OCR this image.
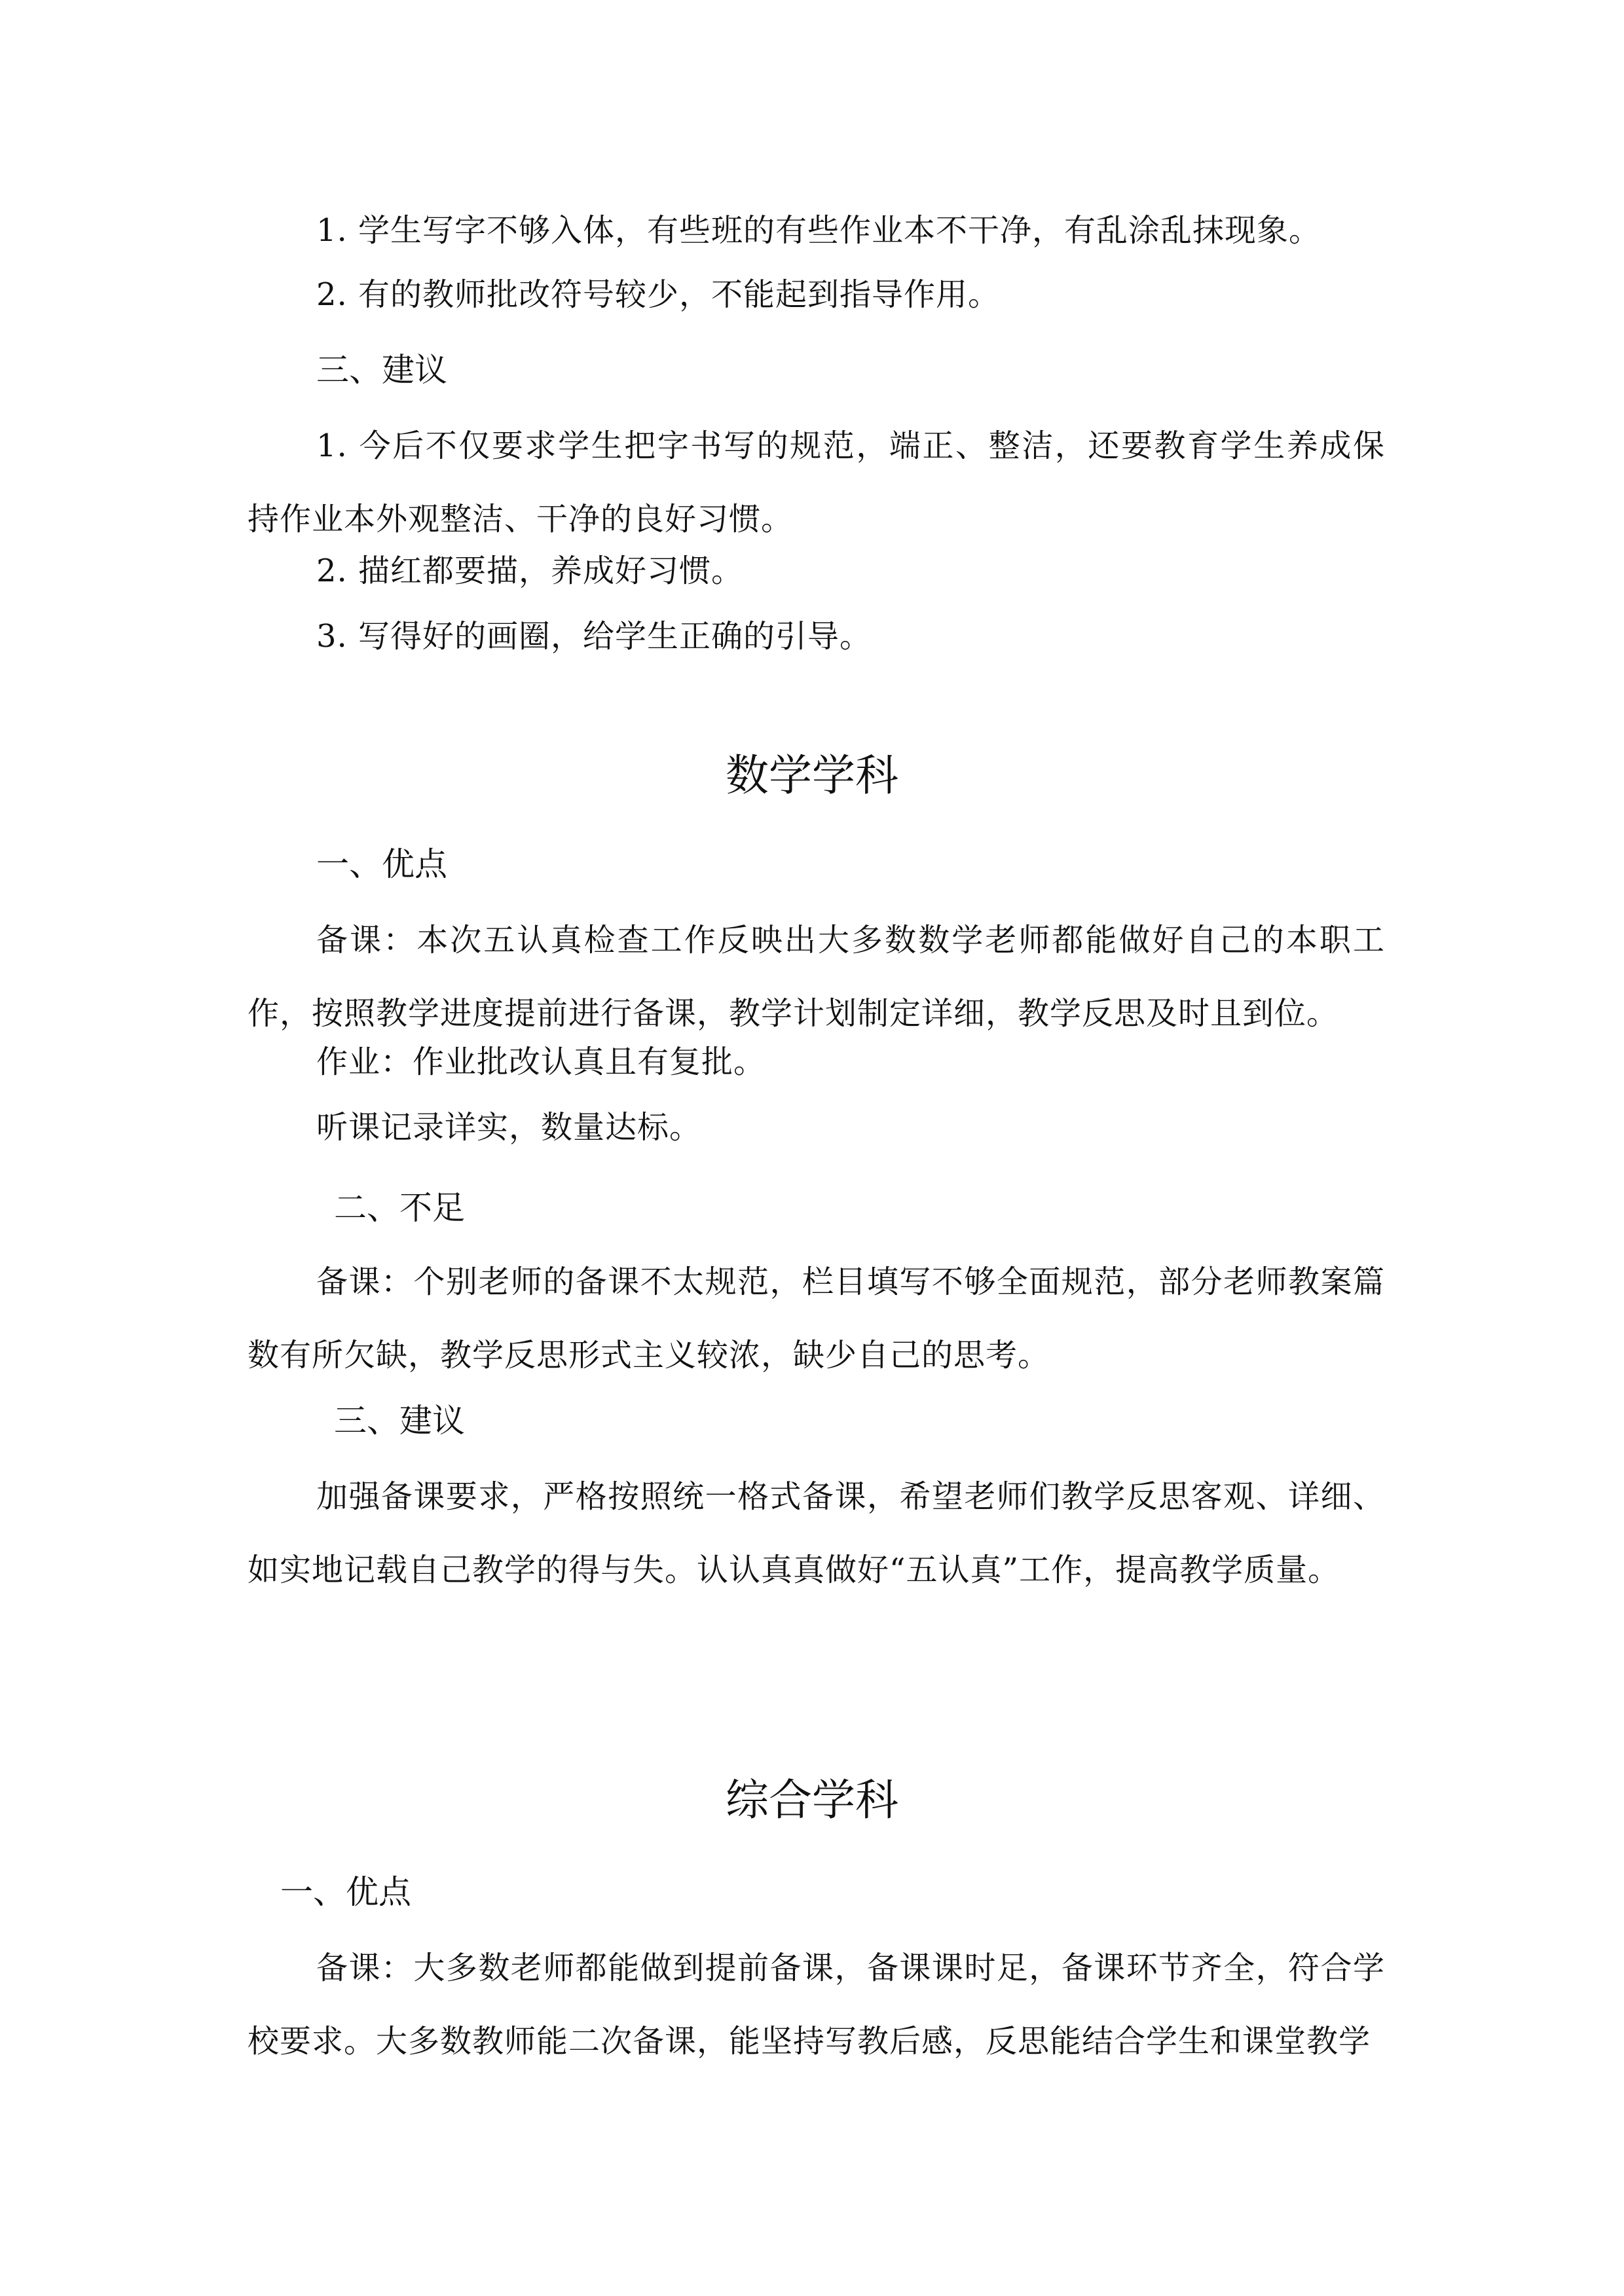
1. 学生写字不够入体，有些班的有些作业本不干净，有乱涂乱抹现象。
2. 有的教师批改符号较少，不能起到指导作用。
三、建议
1. 今后不仅要求学生把字书写的规范，端正、整洁，还要教育学生养成保持作业本外观整洁、干净的良好习惯。
2. 描红都要描，养成好习惯。
3. 写得好的画圈，给学生正确的引导。
数学学科
一、优点
备课：本次五认真检查工作反映出大多数数学老师都能做好自己的本职工作，按照教学进度提前进行备课，教学计划制定详细，教学反思及时且到位。
作业：作业批改认真且有复批。
听课记录详实，数量达标。
二、不足
备课：个别老师的备课不太规范，栏目填写不够全面规范，部分老师教案篇数有所欠缺，教学反思形式主义较浓，缺少自己的思考。
三、建议
加强备课要求，严格按照统一格式备课，希望老师们教学反思客观、详细、如实地记载自己教学的得与失。认认真真做好“五认真”工作，提高教学质量。
综合学科
一、优点
备课：大多数老师都能做到提前备课，备课课时足，备课环节齐全，符合学校要求。大多数教师能二次备课，能坚持写教后感，反思能结合学生和课堂教学
